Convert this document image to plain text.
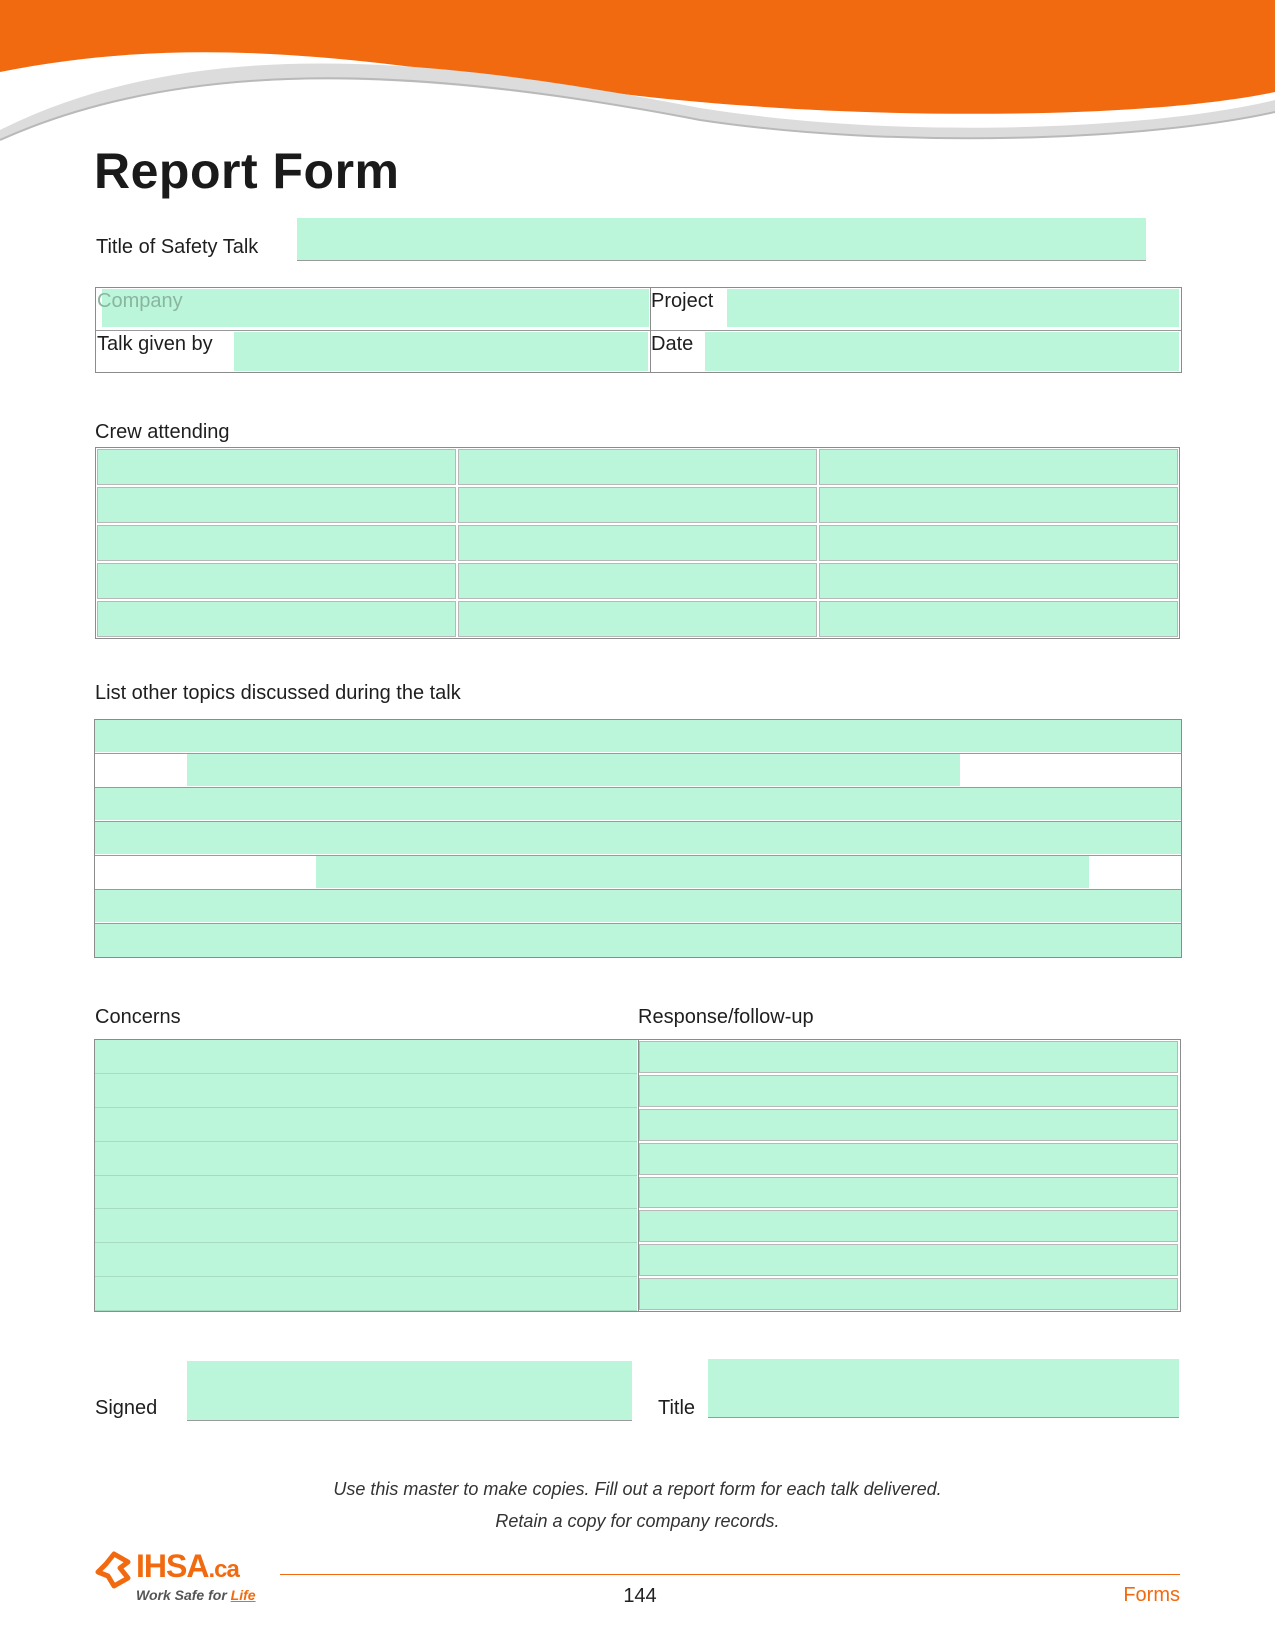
Report Form
Title of Safety Talk
Company	Project
Talk given by	Date
Crew attending
List other topics discussed during the talk
Concerns	Response/follow-up
Signed	Title
Use this master to make copies. Fill out a report form for each talk delivered.
Retain a copy for company records.
IHSA.ca
Work Safe for Life	144	Forms
